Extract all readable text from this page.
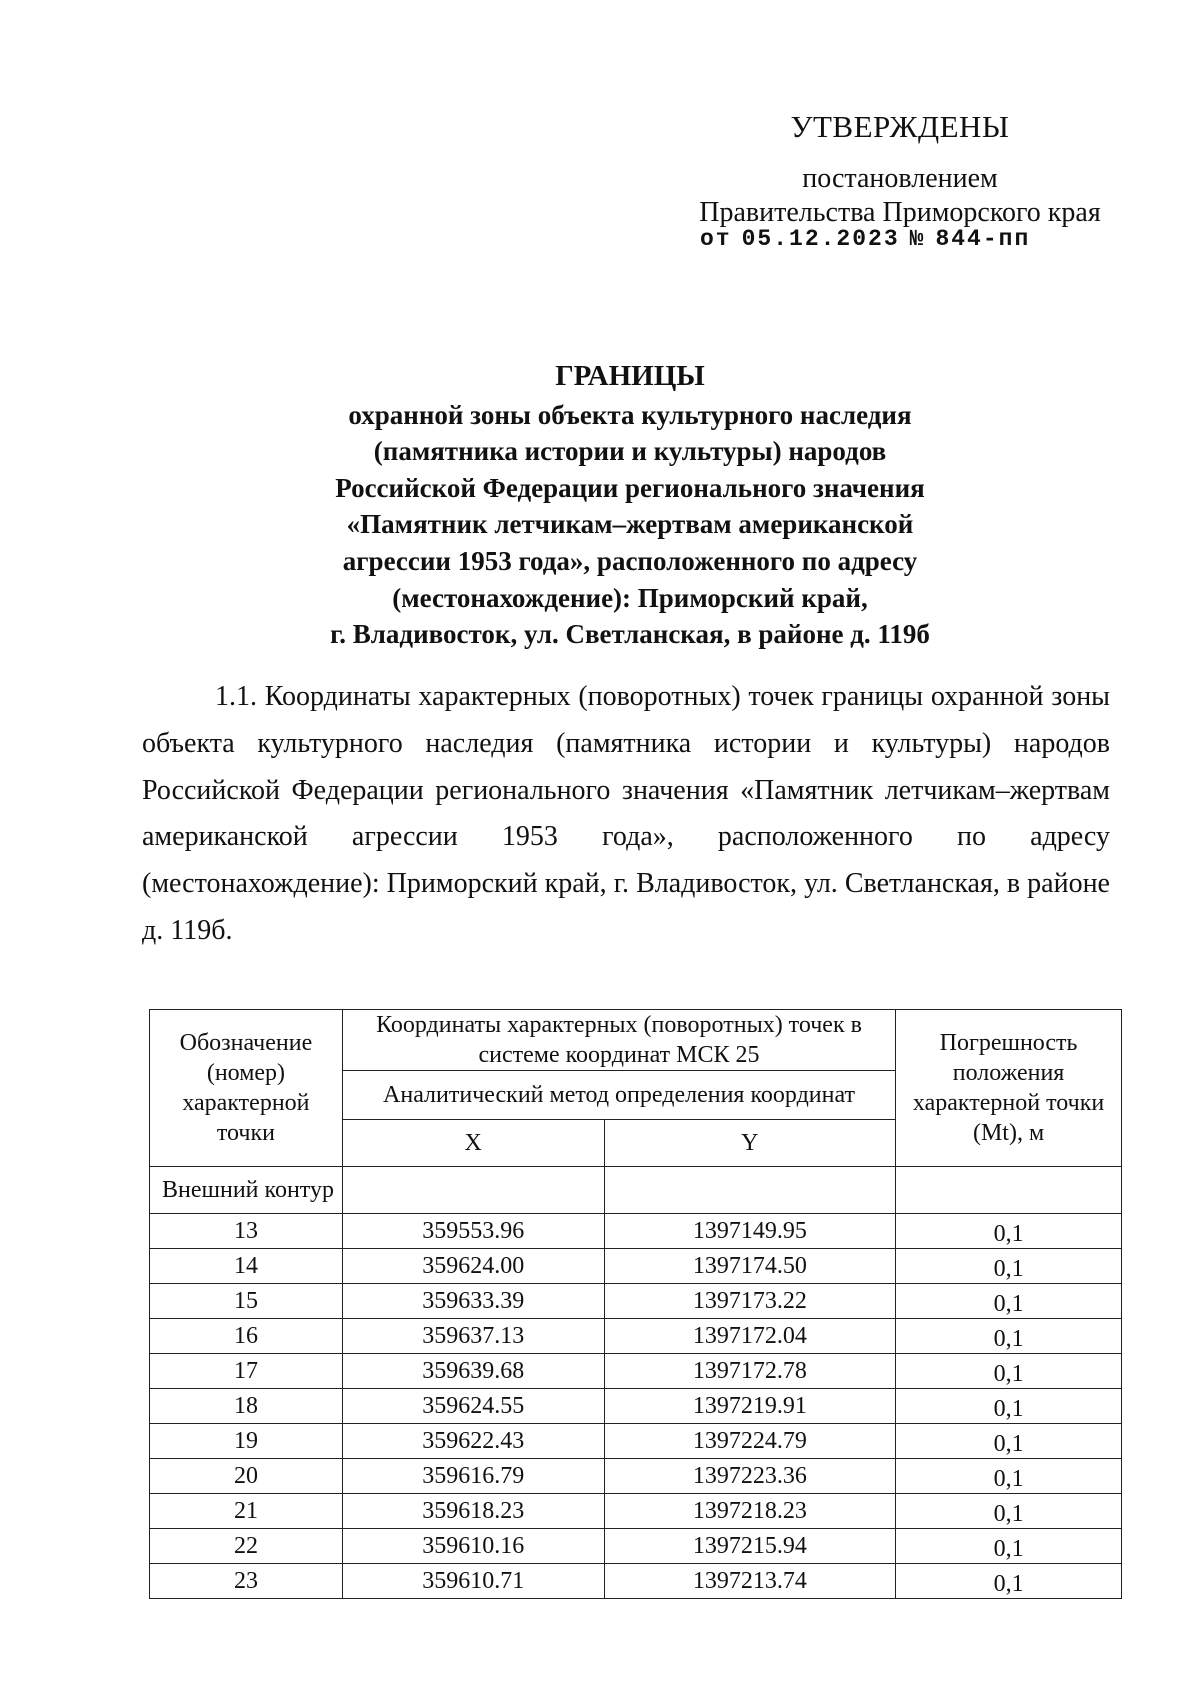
УТВЕРЖДЕНЫ
постановлением
Правительства Приморского края
от 05.12.2023 № 844-пп
ГРАНИЦЫ
охранной зоны объекта культурного наследия
(памятника истории и культуры) народов
Российской Федерации регионального значения
«Памятник летчикам–жертвам американской
агрессии 1953 года», расположенного по адресу
(местонахождение): Приморский край,
г. Владивосток, ул. Светланская, в районе д. 119б
1.1. Координаты характерных (поворотных) точек границы охранной зоны объекта культурного наследия (памятника истории и культуры) народов Российской Федерации регионального значения «Памятник летчикам–жертвам американской агрессии 1953 года», расположенного по адресу (местонахождение): Приморский край, г. Владивосток, ул. Светланская, в районе д. 119б.
Обозначение (номер) характерной точки	Координаты характерных (поворотных) точек в системе координат МСК 25		Погрешность положения характерной точки (Mt), м
	Аналитический метод определения координат		
	X	Y	
Внешний контур			
13	359553.96	1397149.95	0,1
14	359624.00	1397174.50	0,1
15	359633.39	1397173.22	0,1
16	359637.13	1397172.04	0,1
17	359639.68	1397172.78	0,1
18	359624.55	1397219.91	0,1
19	359622.43	1397224.79	0,1
20	359616.79	1397223.36	0,1
21	359618.23	1397218.23	0,1
22	359610.16	1397215.94	0,1
23	359610.71	1397213.74	0,1
